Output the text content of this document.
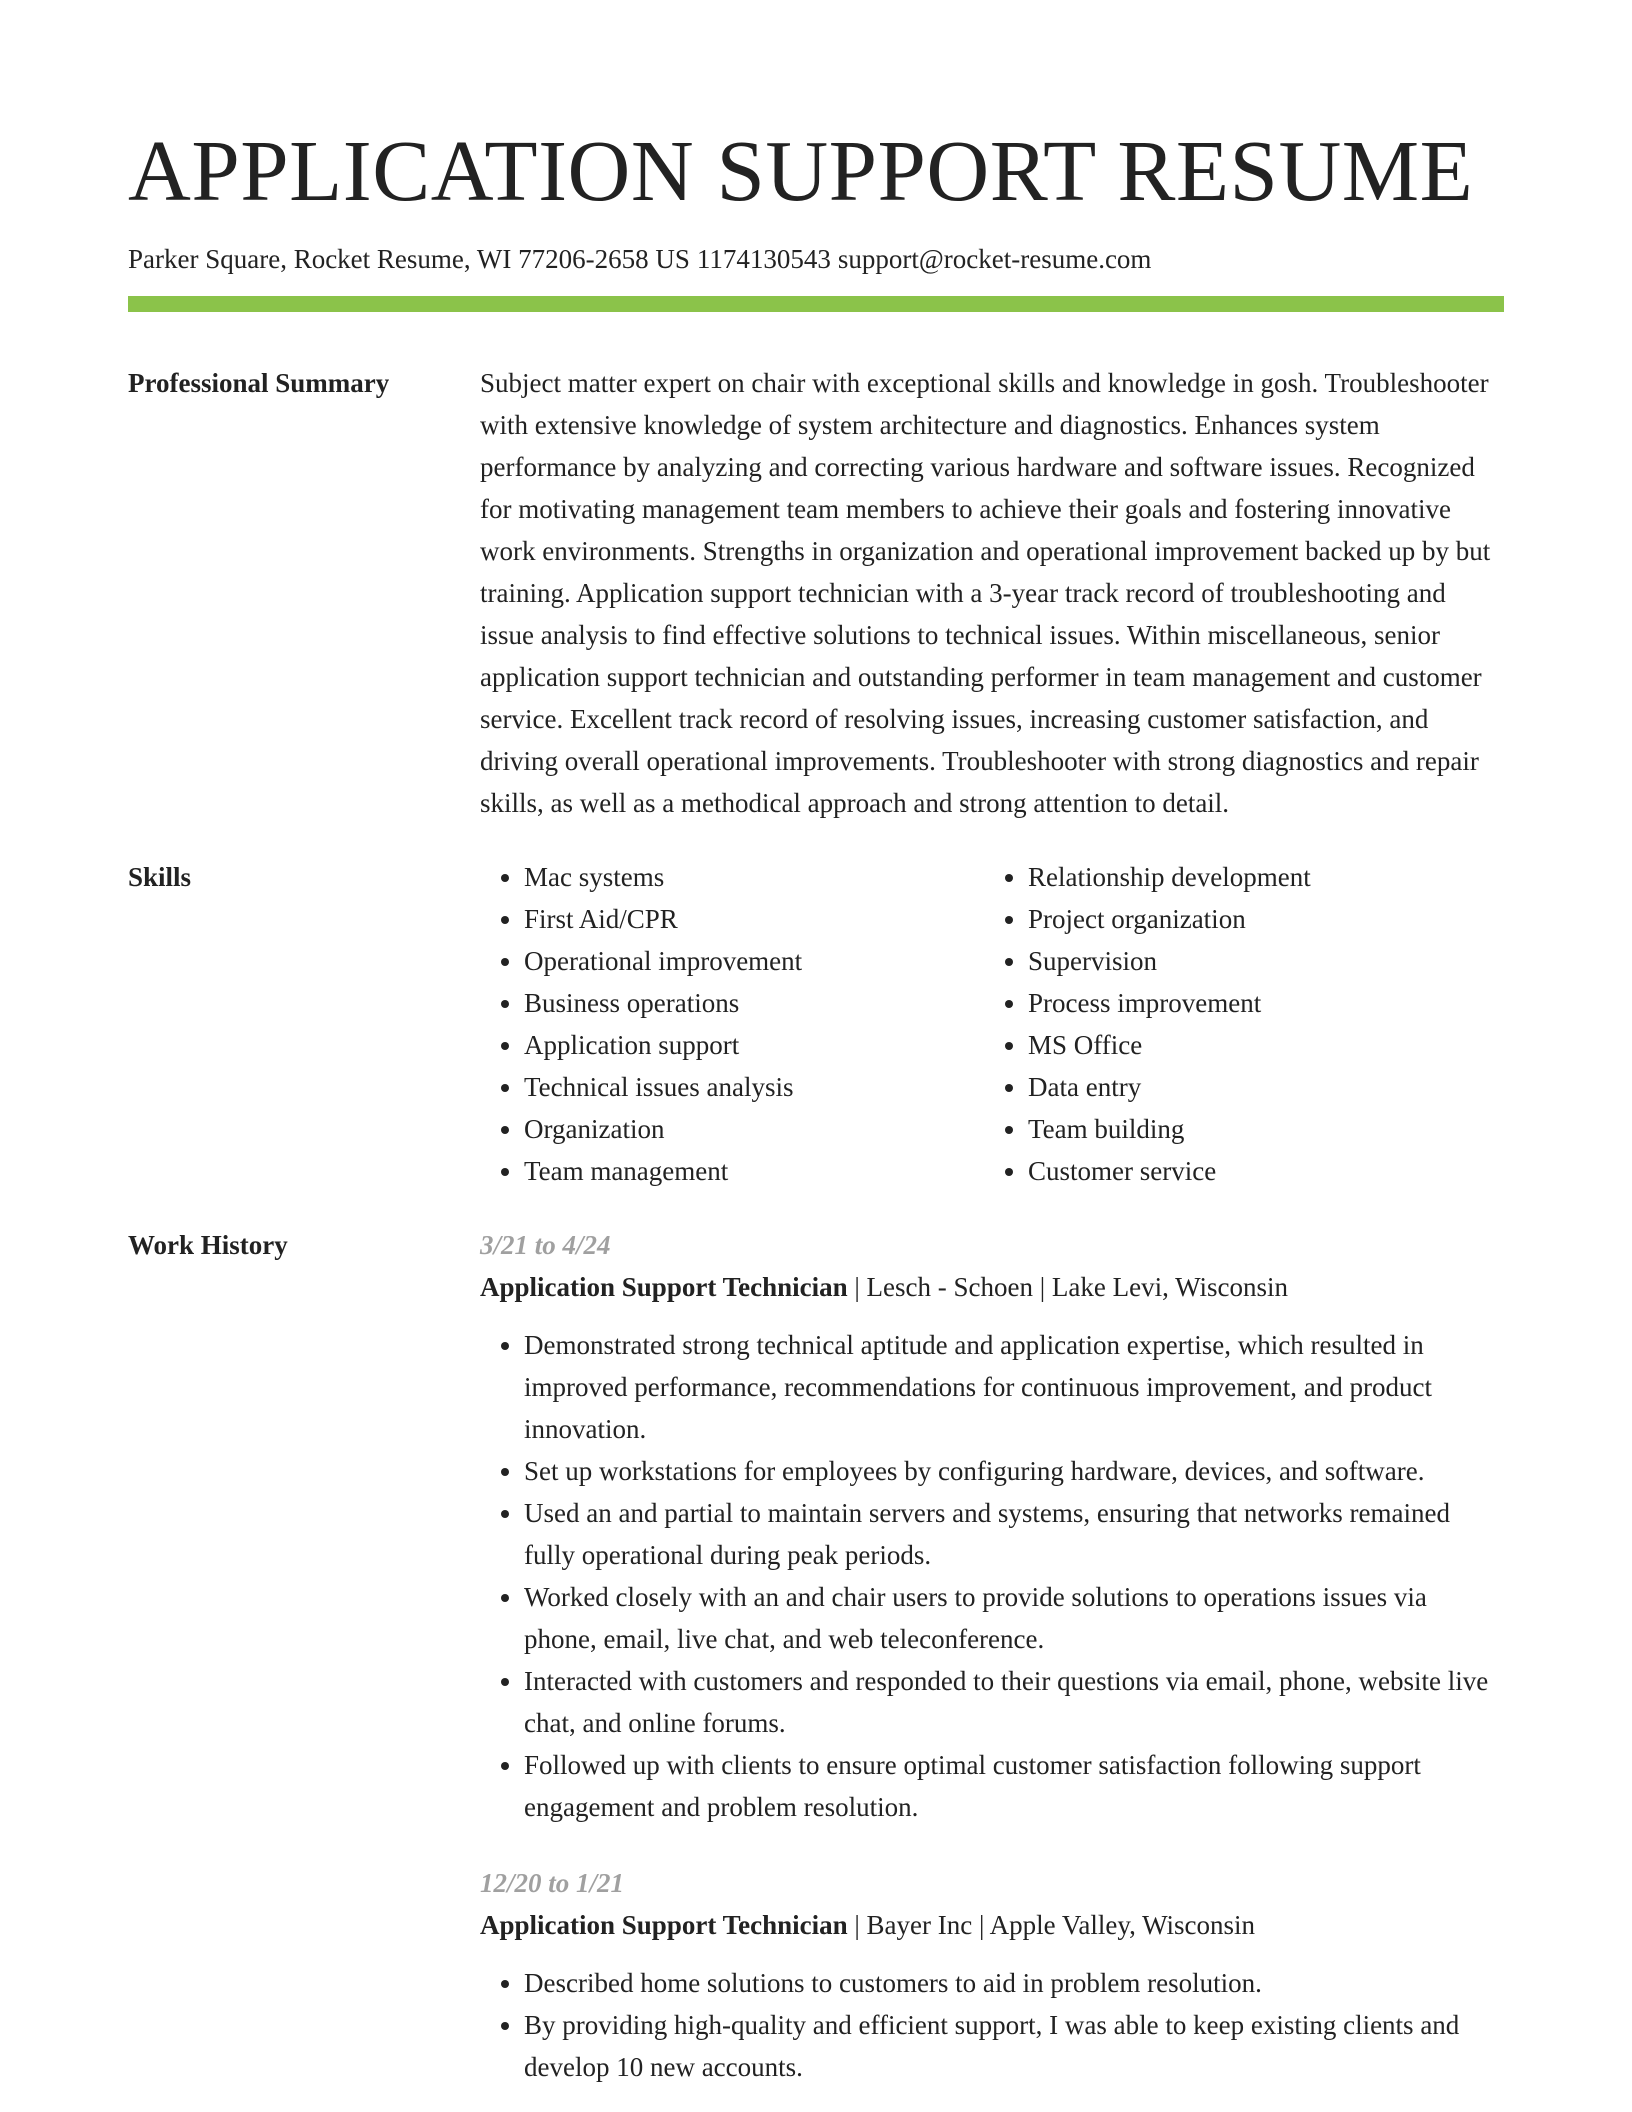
APPLICATION SUPPORT RESUME
Parker Square, Rocket Resume, WI 77206-2658 US 1174130543 support@rocket-resume.com
Professional Summary	Subject matter expert on chair with exceptional skills and knowledge in gosh. Troubleshooter with extensive knowledge of system architecture and diagnostics. Enhances system performance by analyzing and correcting various hardware and software issues. Recognized for motivating management team members to achieve their goals and fostering innovative work environments. Strengths in organization and operational improvement backed up by but training. Application support technician with a 3-year track record of troubleshooting and issue analysis to find effective solutions to technical issues. Within miscellaneous, senior application support technician and outstanding performer in team management and customer service. Excellent track record of resolving issues, increasing customer satisfaction, and driving overall operational improvements. Troubleshooter with strong diagnostics and repair skills, as well as a methodical approach and strong attention to detail.

Skills
•	Mac systems
• First Aid/CPR
• Operational improvement
• Business operations
• Application support
• Technical issues analysis
• Organization
• Team management
• Relationship development
• Project organization
• Supervision
• Process improvement
• MS Office
• Data entry
• Team building
• Customer service
Work History	3/21 to 4/24
Application Support Technician | Lesch - Schoen | Lake Levi, Wisconsin
• Demonstrated strong technical aptitude and application expertise, which resulted in improved performance, recommendations for continuous improvement, and product innovation.
• Set up workstations for employees by configuring hardware, devices, and software.
• Used an and partial to maintain servers and systems, ensuring that networks remained fully operational during peak periods.
• Worked closely with an and chair users to provide solutions to operations issues via phone, email, live chat, and web teleconference.
• Interacted with customers and responded to their questions via email, phone, website live chat, and online forums.
• Followed up with clients to ensure optimal customer satisfaction following support engagement and problem resolution.
12/20 to 1/21
Application Support Technician | Bayer Inc | Apple Valley, Wisconsin
• Described home solutions to customers to aid in problem resolution.
• By providing high-quality and efficient support, I was able to keep existing clients and develop 10 new accounts.
